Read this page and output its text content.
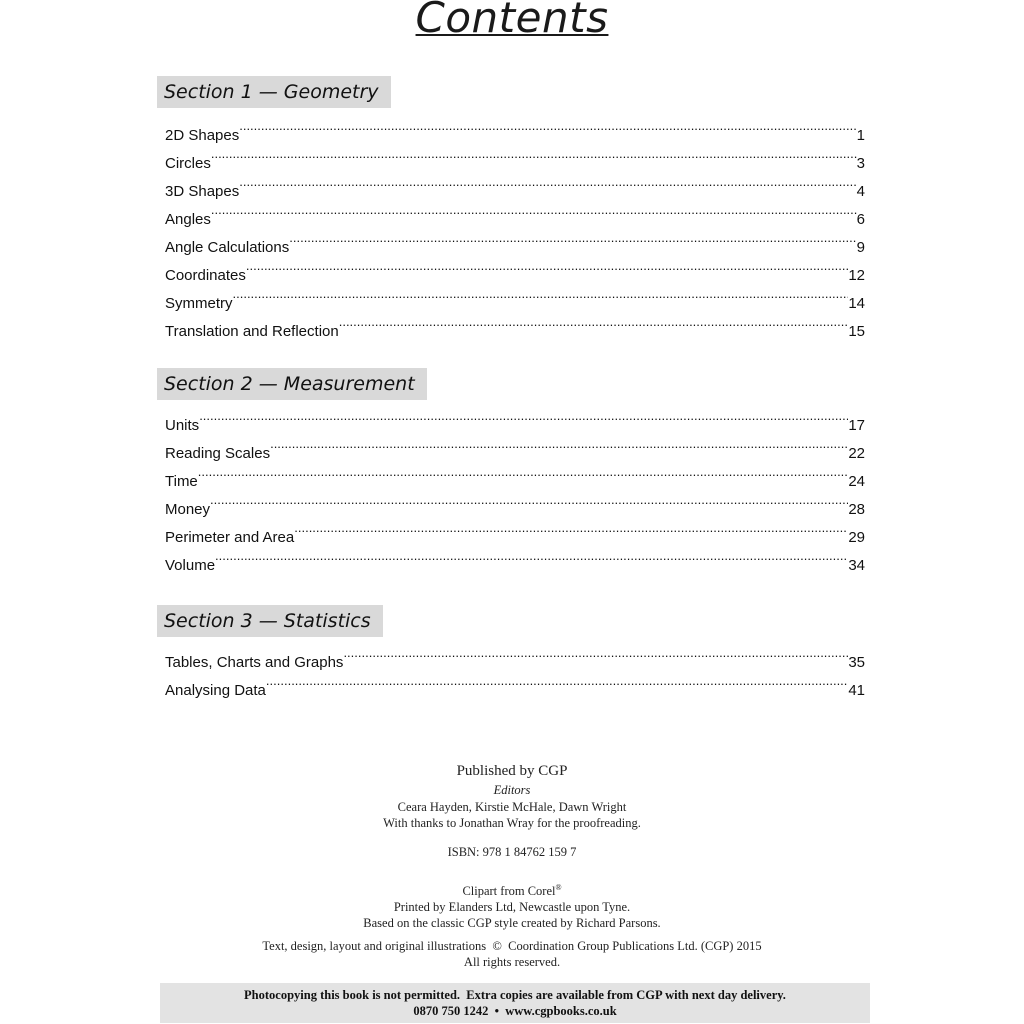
Contents
Section 1 — Geometry
2D Shapes .....	1
Circles .....	3
3D Shapes .....	4
Angles .....	6
Angle Calculations .....	9
Coordinates .....	12
Symmetry .....	14
Translation and Reflection .....	15
Section 2 — Measurement
Units .....	17
Reading Scales .....	22
Time .....	24
Money .....	28
Perimeter and Area .....	29
Volume .....	34
Section 3 — Statistics
Tables, Charts and Graphs .....	35
Analysing Data .....	41

Published by CGP

Editors

Ceara Hayden, Kirstie McHale, Dawn Wright

With thanks to Jonathan Wray for the proofreading.

ISBN: 978 1 84762 159 7

Clipart from Corel®

Printed by Elanders Ltd, Newcastle upon Tyne.

Based on the classic CGP style created by Richard Parsons.

Text, design, layout and original illustrations  ©  Coordination Group Publications Ltd. (CGP) 2015

All rights reserved.

Photocopying this book is not permitted.  Extra copies are available from CGP with next day delivery.
0870 750 1242  •  www.cgpbooks.co.uk
